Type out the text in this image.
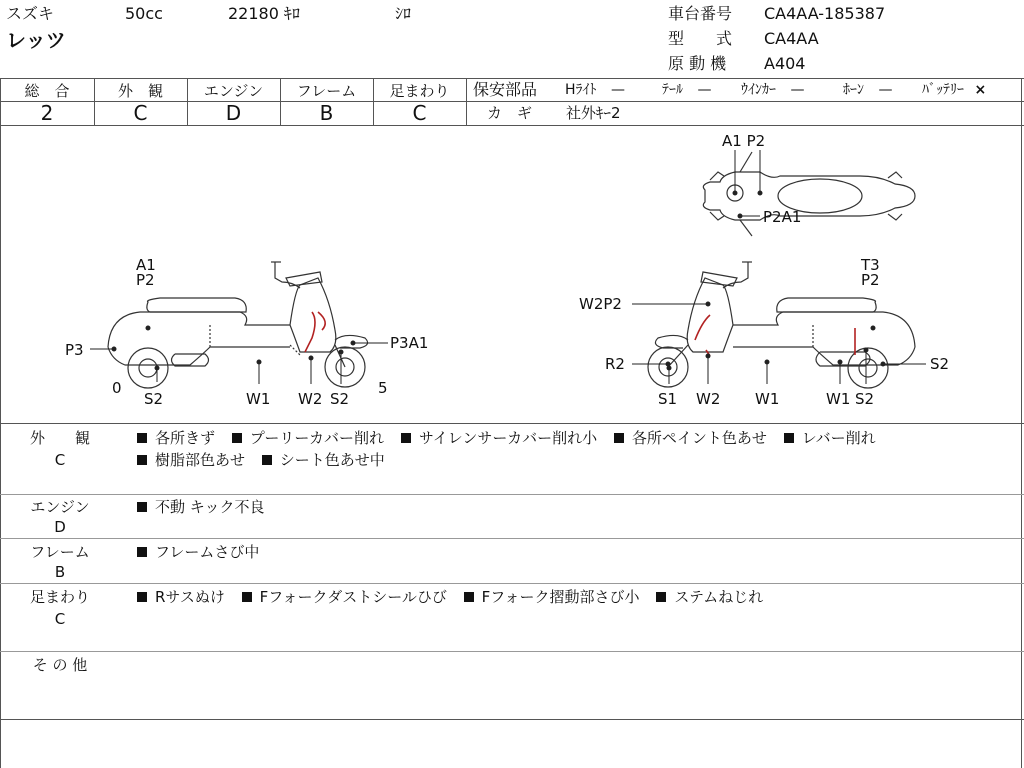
スズキ	50cc	22180 ｷﾛ	ｼﾛ
レッツ
車台番号 CA4AA-185387
型　　式 CA4AA
原 動 機 A404
総　合	外　観	エンジン	フレーム	足まわり
2	C	D	B	C
保安部品 Hﾗｲﾄ —	ﾃｰﾙ — ｳｲﾝｶｰ —	ﾎｰﾝ — ﾊﾞｯﾃﾘｰ ×
カ　ギ 社外ｷｰ2
A1
P2
P3	P3A1
0
S2	W1 W2 S2
5
T3
P2
W2P2
R2	S2
S1 W2 W1	W1 S2
A1 P2
P2A1
外　　観
C
各所きず プーリーカバー削れ サイレンサーカバー削れ小 各所ペイント色あせ レバー削れ
樹脂部色あせ シート色あせ中
エンジン
D
不動 キック不良
フレーム
B
フレームさび中
足まわり
C
Rサスぬけ Fフォークダストシールひび Fフォーク摺動部さび小 ステムねじれ
そ の 他
